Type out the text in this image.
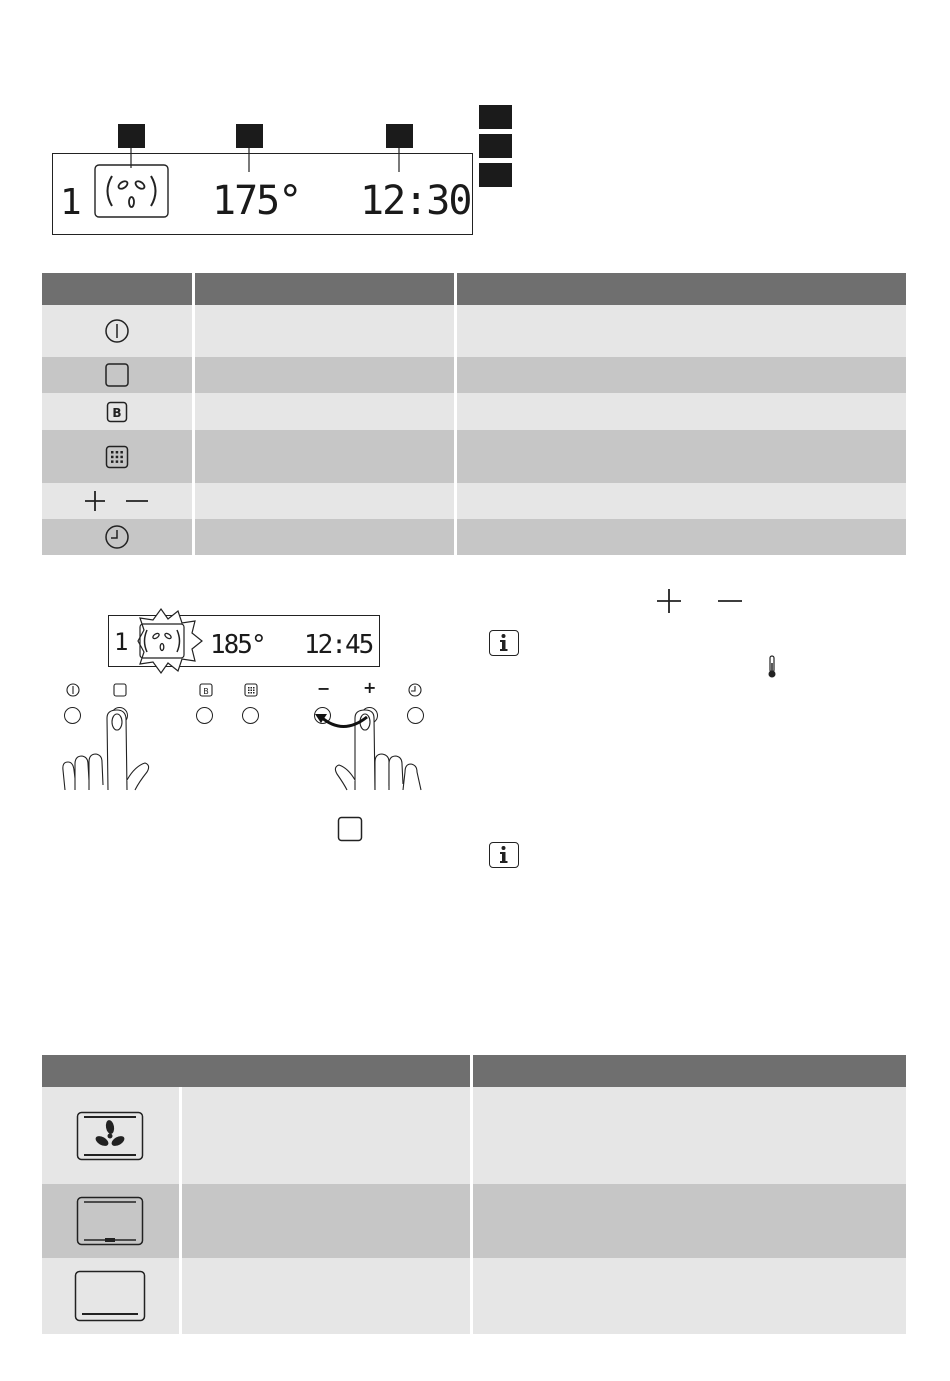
1	175° 12:30

B		

1	185° 12:45
B	− +
